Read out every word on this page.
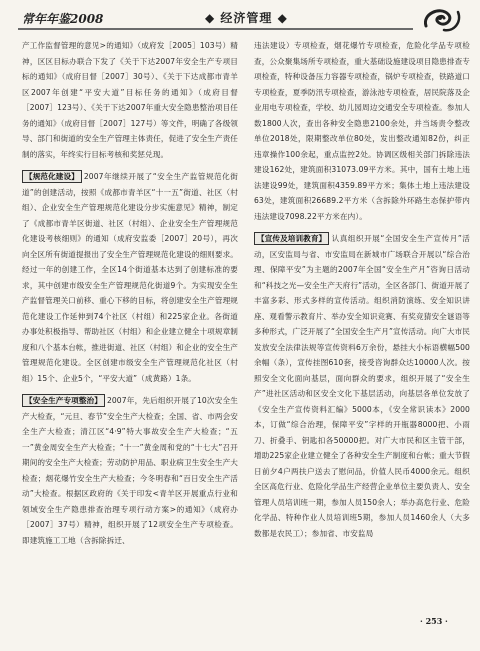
常年年鉴2008	◆ 经济管理 ◆

产工作监督管理的意见>的通知》（成府发［2005］103号）精神，区区目标办联合下发了《关于下达2007年安全生产专项目标的通知》（成府目督［2007］30号）、《关于下达成都市青羊区2007年创建“平安大道”目标任务的通知》（成府目督［2007］123号）、《关于下达2007年重大安全隐患整治项目任务的通知》（成府目督［2007］127号）等文件，明确了各级领导、部门和街道的安全生产管理主体责任，促进了安全生产责任制的落实，年终实行目标考核和奖惩兑现。

【规范化建设】 2007年继续开展了“安全生产监管规范化街道”的创建活动，按照《成都市青羊区“十一五”街道、社区（村组）、企业安全生产管理规范化建设分步实施意见》精神，制定了《成都市青羊区街道、社区（村组）、企业安全生产管理规范化建设考核细则》的通知（成府安监委［2007］20号），再次向全区所有街道提报出了安全生产管理规范化建设的细则要求。经过一年的创建工作，全区14个街道基本达到了创建标准的要求，其中创建市级安全生产管理规范化街道9个。为实现安全生产监督管理关口前移、重心下移的目标，将创建安全生产管理规范化建设工作延伸到74个社区（村组）和225家企业。各街道办事处积极指导、帮助社区（村组）和企业建立健全十项规章制度和八个基本台帐，推进街道、社区（村组）和企业的安全生产管理规范化建设。全区创建市级安全生产管理规范化社区（村组）15个、企业5个，“平安大道”（成黄路）1条。

【安全生产专项整治】 2007年，先后组织开展了10次安全生产大检查，“元旦、春节”安全生产大检查；全国、省、市两会安全生产大检查；清江区“4·9”特大事故安全生产大检查；“五一”黄金周安全生产大检查；“十一”黄金周和党的“十七大”召开期间的安全生产大检查；劳动防护用品、职业病卫生安全生产大检查；烟花爆竹安全生产大检查；今冬明春和“百日安全生产活动”大检查。根据区政府的《关于印发<青羊区开展重点行业和领域安全生产隐患排查治理专项行动方案>的通知》（成府办［2007］37号）精神，组织开展了12项安全生产专项检查。即建筑施工工地（含拆除拆迁、

违法建设）专项检查，烟花爆竹专项检查，危险化学品专项检查，公众聚集场所专项检查，重大基础设施建设项目隐患排查专项检查，特种设备压力容器专项检查，锅炉专项检查，铁路道口专项检查，夏季防汛专项检查，游泳池专项检查，居民院落及企业用电专项检查，学校、幼儿园周边交通安全专项检查。参加人数1800人次，查出各种安全隐患2100余处，并当场责令整改单位2018处，限期整改单位80处，发出整改通知82份，纠正违章操作100余起，重点监控2处。协调区级相关部门拆除违法建设162处，建筑面积31073.09平方米。其中，国有土地上违法建设99处，建筑面积4359.89平方米；集体土地上违法建设63处，建筑面积26689.2平方米（含拆除外环路生态保护带内违法建设7098.22平方米在内）。

【宣传及培训教育】 认真组织开展“全国安全生产宣传月”活动，区安监局与省、市安监局在新城市广场联合开展以“综合治理、保障平安”为主题的2007年全国“安全生产月”咨询日活动和“科技之光—安全生产天府行”活动，全区各部门、街道开展了丰富多彩、形式多样的宣传活动。组织消防演练、安全知识讲座、观看警示教育片、举办安全知识竞赛、有奖竞猜安全谜语等多种形式，广泛开展了“全国安全生产月”宣传活动。向广大市民发放安全法律法规等宣传资料6万余份，悬挂大小标语横幅500余幅（条），宣传挂图610套，接受咨询群众达10000人次。按照安全文化面向基层，面向群众的要求，组织开展了“安全生产”进社区活动和区安全文化下基层活动，向基层各单位发放了《安全生产宣传资料汇编》5000本，《安全常识读本》2000本，订做“综合治理，保障平安”字样的开瓶器8000把、小雨刀、折叠手、钥匙扣各50000把。对广大市民和区主管干部，增助225家企业建立健全了各种安全生产制度和台帐；重大节假日前夕4户两扶户送去了慰问品，价值人民币4000余元。组织全区高危行业、危险化学品生产经营企业单位主要负责人、安全管理人员培训班一期，参加人员150余人；举办高危行业、危险化学品、特种作业人员培训班5期，参加人员1460余人（大多数都是农民工）；参加省、市安监局

· 253 ·
